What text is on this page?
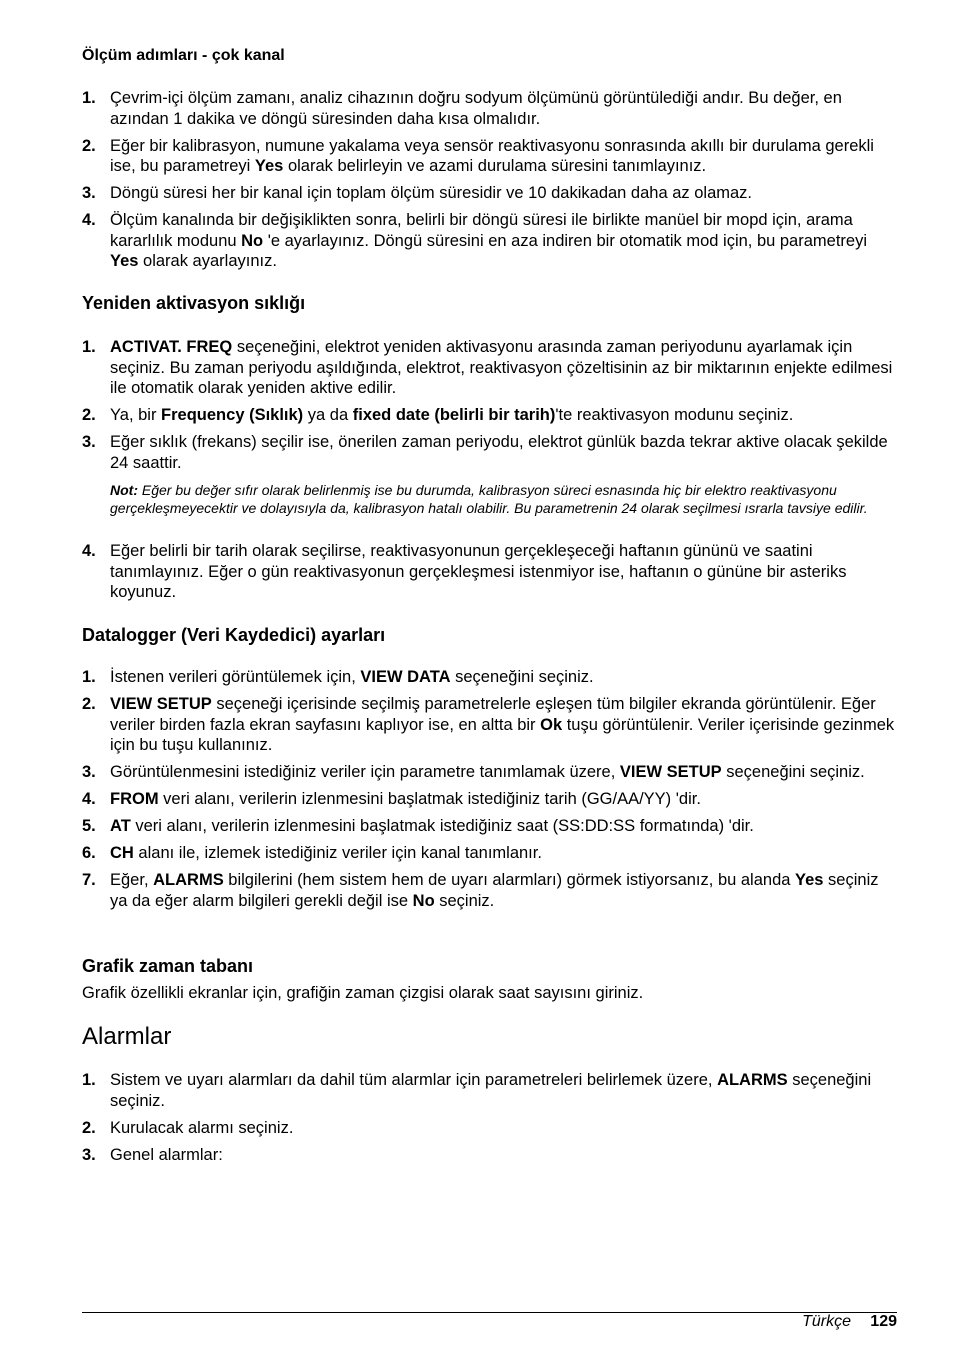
Ölçüm adımları - çok kanal
1. Çevrim-içi ölçüm zamanı, analiz cihazının doğru sodyum ölçümünü görüntülediği andır. Bu değer, en azından 1 dakika ve döngü süresinden daha kısa olmalıdır.
2. Eğer bir kalibrasyon, numune yakalama veya sensör reaktivasyonu sonrasında akıllı bir durulama gerekli ise, bu parametreyi Yes olarak belirleyin ve azami durulama süresini tanımlayınız.
3. Döngü süresi her bir kanal için toplam ölçüm süresidir ve 10 dakikadan daha az olamaz.
4. Ölçüm kanalında bir değişiklikten sonra, belirli bir döngü süresi ile birlikte manüel bir mopd için, arama kararlılık modunu No 'e ayarlayınız. Döngü süresini en aza indiren bir otomatik mod için, bu parametreyi Yes olarak ayarlayınız.
Yeniden aktivasyon sıklığı
1. ACTIVAT. FREQ seçeneğini, elektrot yeniden aktivasyonu arasında zaman periyodunu ayarlamak için seçiniz. Bu zaman periyodu aşıldığında, elektrot, reaktivasyon çözeltisinin az bir miktarının enjekte edilmesi ile otomatik olarak yeniden aktive edilir.
2. Ya, bir Frequency (Sıklık) ya da fixed date (belirli bir tarih)'te reaktivasyon modunu seçiniz.
3. Eğer sıklık (frekans) seçilir ise, önerilen zaman periyodu, elektrot günlük bazda tekrar aktive olacak şekilde 24 saattir.
Not: Eğer bu değer sıfır olarak belirlenmiş ise bu durumda, kalibrasyon süreci esnasında hiç bir elektro reaktivasyonu gerçekleşmeyecektir ve dolayısıyla da, kalibrasyon hatalı olabilir. Bu parametrenin 24 olarak seçilmesi ısrarla tavsiye edilir.
4. Eğer belirli bir tarih olarak seçilirse, reaktivasyonunun gerçekleşeceği haftanın gününü ve saatini tanımlayınız. Eğer o gün reaktivasyonun gerçekleşmesi istenmiyor ise, haftanın o gününe bir asteriks koyunuz.
Datalogger (Veri Kaydedici) ayarları
1. İstenen verileri görüntülemek için, VIEW DATA seçeneğini seçiniz.
2. VIEW SETUP seçeneği içerisinde seçilmiş parametrelerle eşleşen tüm bilgiler ekranda görüntülenir. Eğer veriler birden fazla ekran sayfasını kaplıyor ise, en altta bir Ok tuşu görüntülenir. Veriler içerisinde gezinmek için bu tuşu kullanınız.
3. Görüntülenmesini istediğiniz veriler için parametre tanımlamak üzere, VIEW SETUP seçeneğini seçiniz.
4. FROM veri alanı, verilerin izlenmesini başlatmak istediğiniz tarih (GG/AA/YY) 'dir.
5. AT veri alanı, verilerin izlenmesini başlatmak istediğiniz saat (SS:DD:SS formatında) 'dir.
6. CH alanı ile, izlemek istediğiniz veriler için kanal tanımlanır.
7. Eğer, ALARMS bilgilerini (hem sistem hem de uyarı alarmları) görmek istiyorsanız, bu alanda Yes seçiniz ya da eğer alarm bilgileri gerekli değil ise No seçiniz.
Grafik zaman tabanı
Grafik özellikli ekranlar için, grafiğin zaman çizgisi olarak saat sayısını giriniz.
Alarmlar
1. Sistem ve uyarı alarmları da dahil tüm alarmlar için parametreleri belirlemek üzere, ALARMS seçeneğini seçiniz.
2. Kurulacak alarmı seçiniz.
3. Genel alarmlar:
Türkçe 129
